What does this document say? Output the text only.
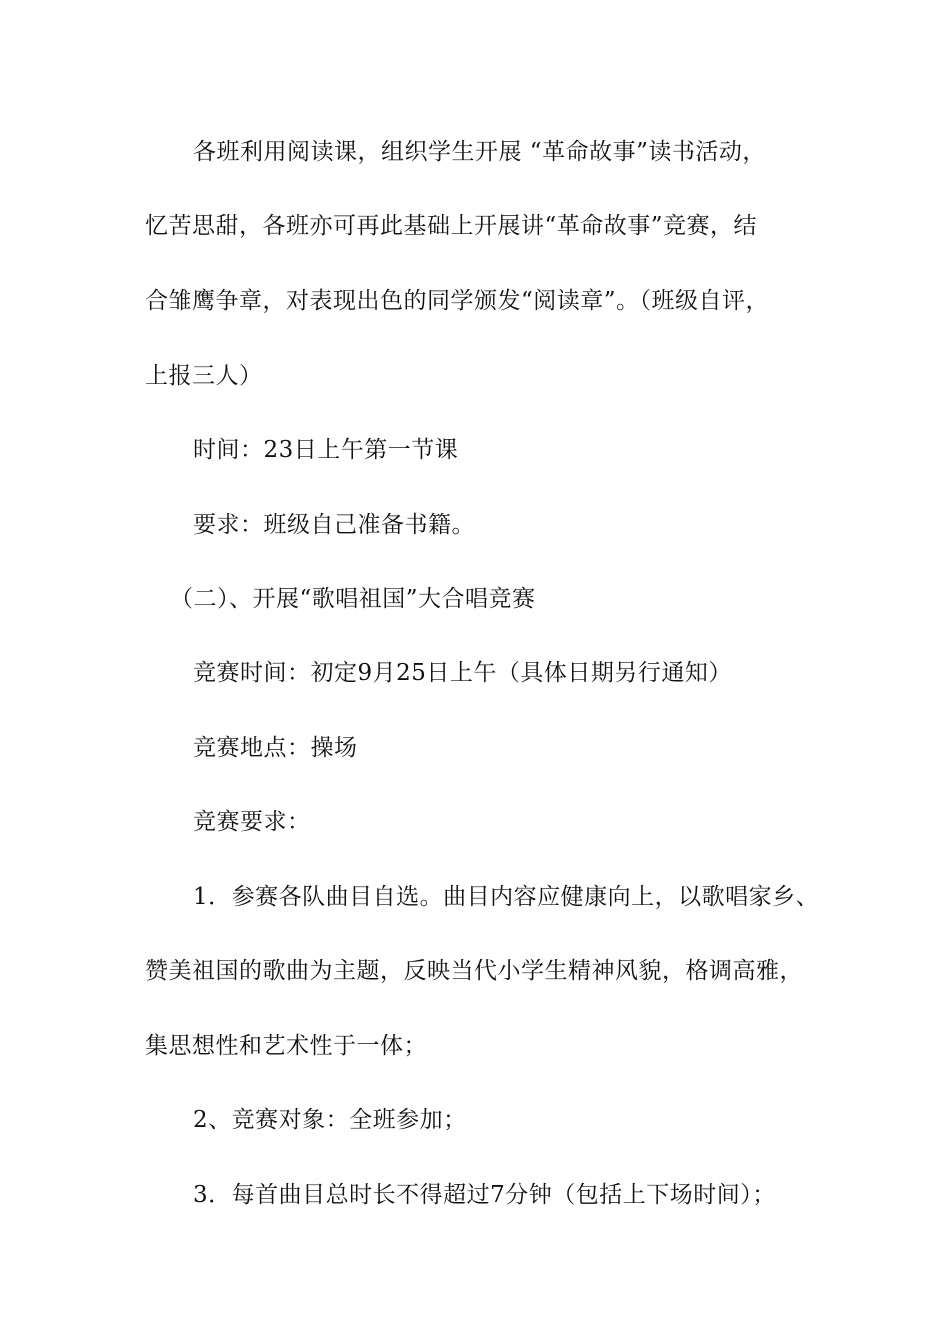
各班利用阅读课，组织学生开展 “革命故事”读书活动，
忆苦思甜，各班亦可再此基础上开展讲“革命故事”竞赛，结
合雏鹰争章，对表现出色的同学颁发“阅读章”。（班级自评，
上报三人）
时间：23日上午第一节课
要求：班级自己准备书籍。
（二）、开展“歌唱祖国”大合唱竞赛
竞赛时间：初定9月25日上午（具体日期另行通知）
竞赛地点：操场
竞赛要求：
1．参赛各队曲目自选。曲目内容应健康向上，以歌唱家乡、
赞美祖国的歌曲为主题，反映当代小学生精神风貌，格调高雅，
集思想性和艺术性于一体；
2、竞赛对象：全班参加；
3．每首曲目总时长不得超过7分钟（包括上下场时间）；
